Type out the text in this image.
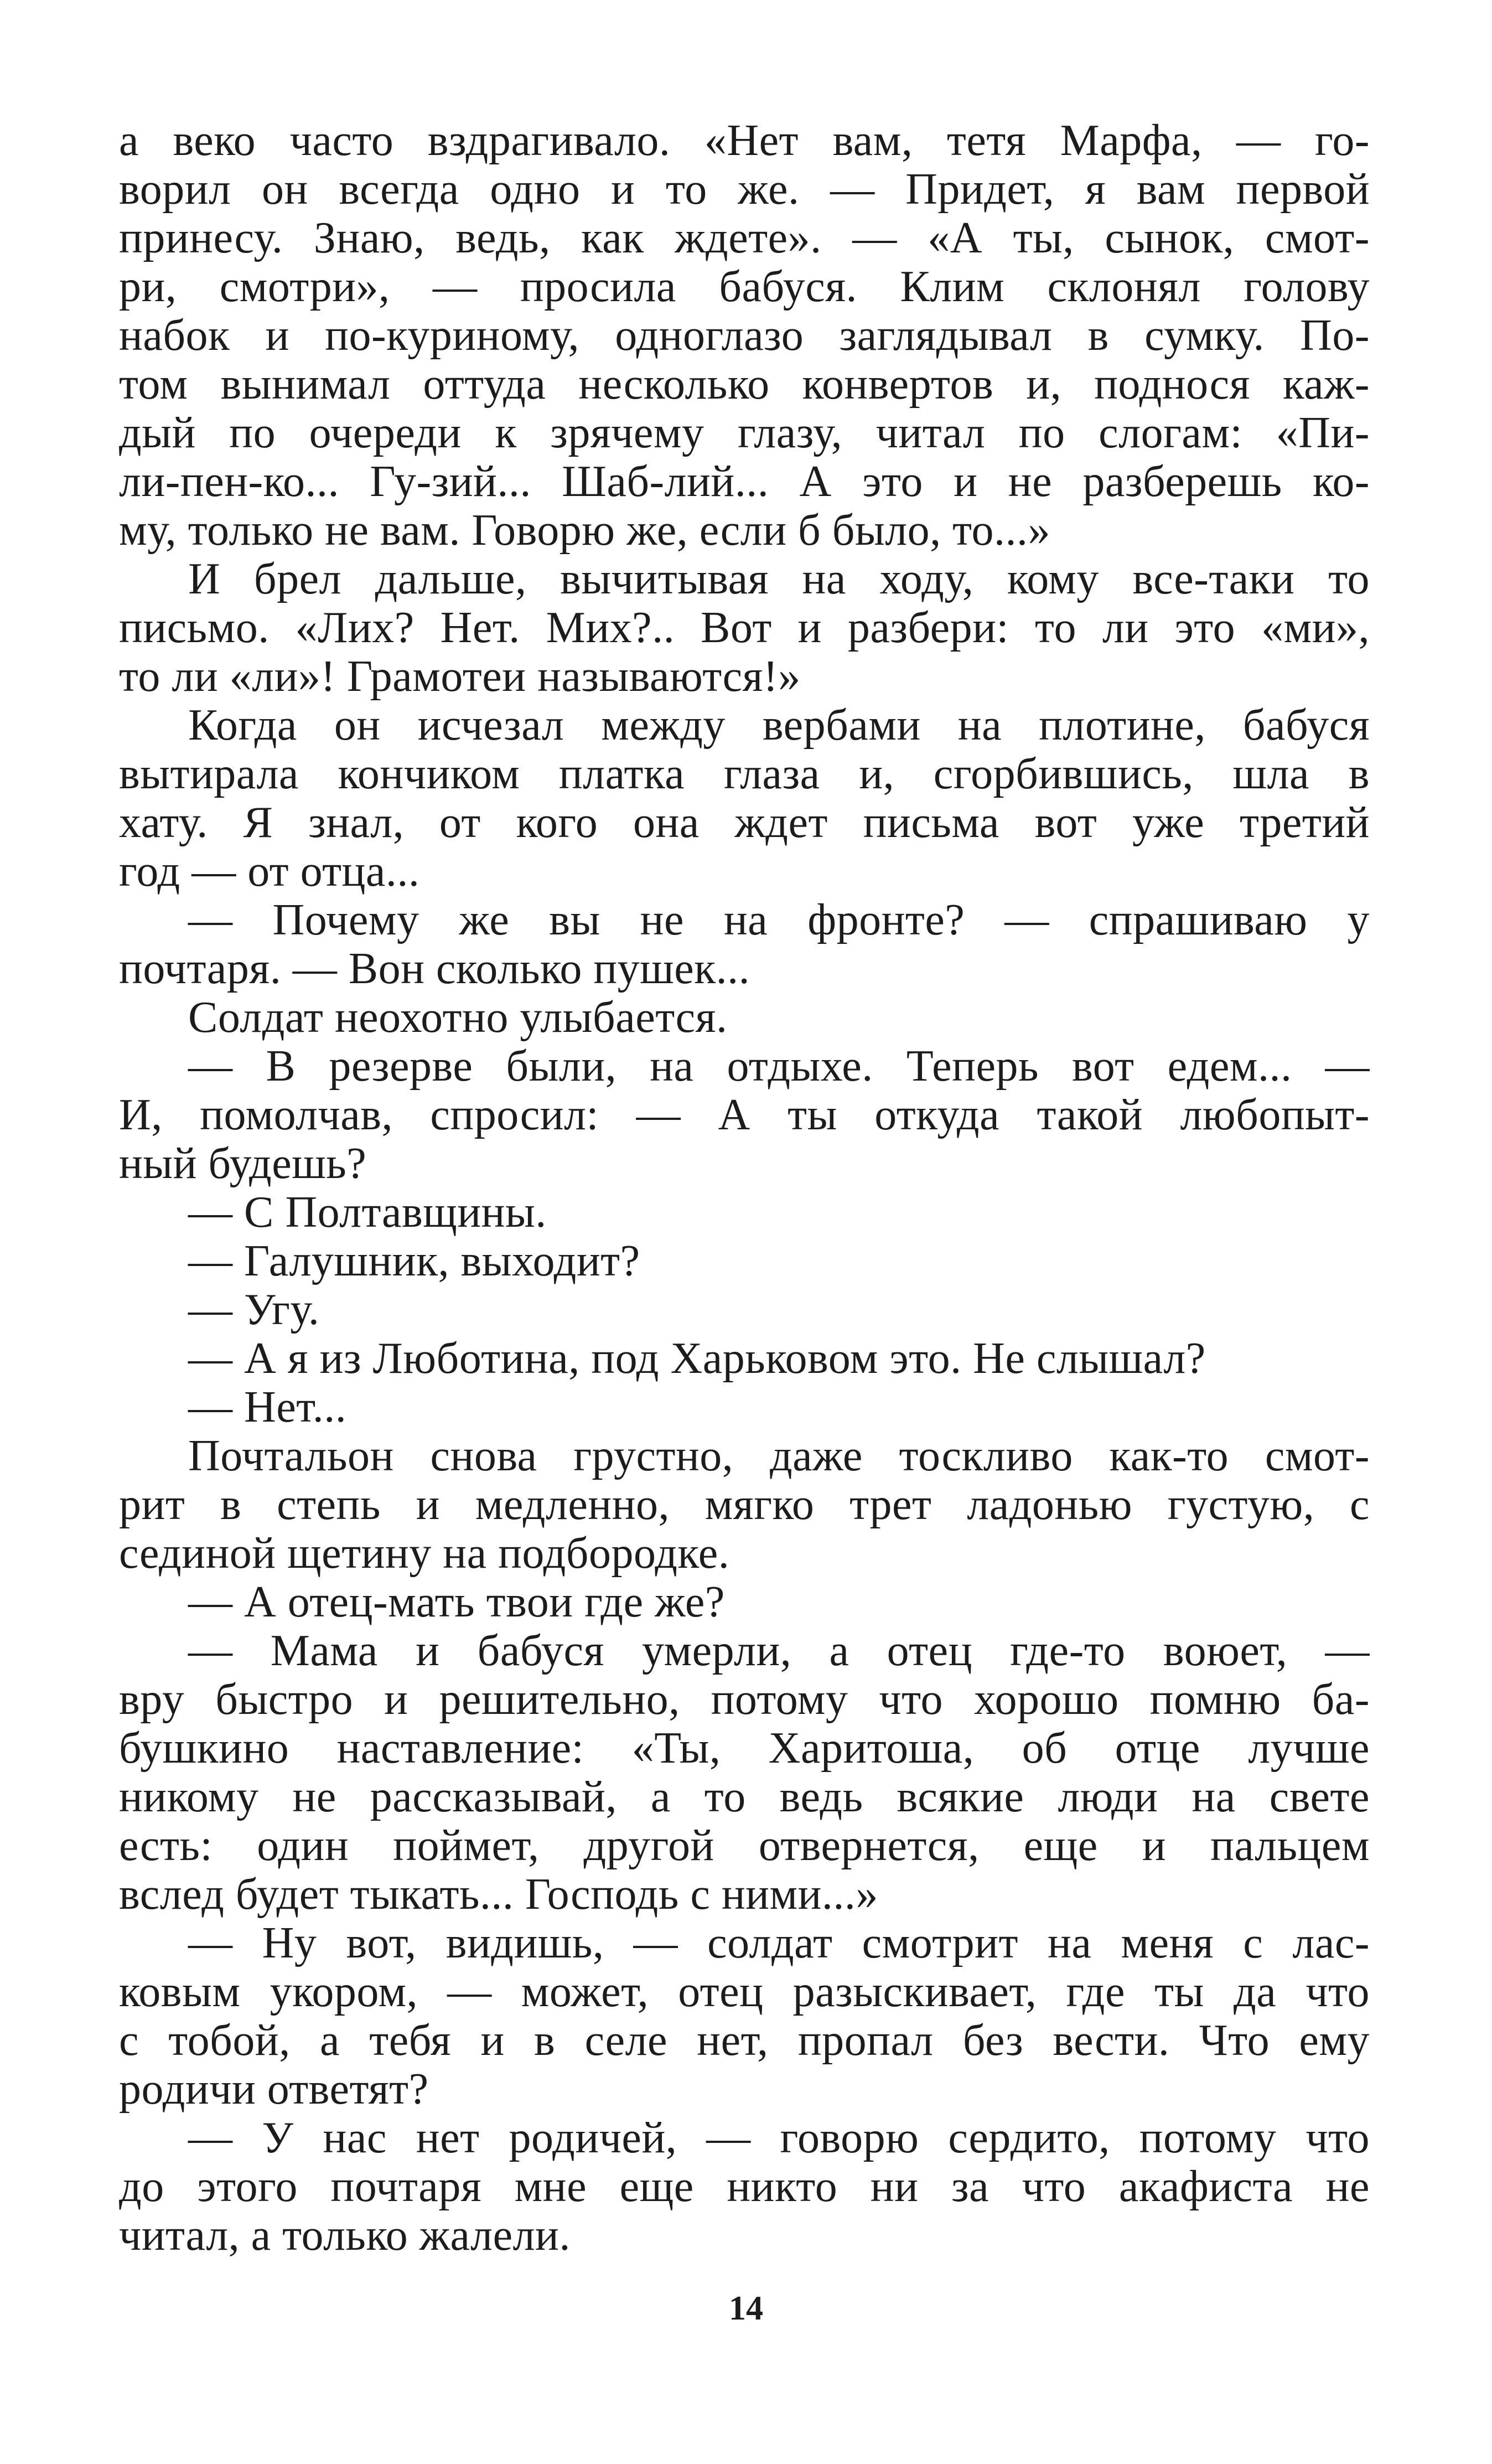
а веко часто вздрагивало. «Нет вам, тетя Марфа, — го-
ворил он всегда одно и то же. — Придет, я вам первой
принесу. Знаю, ведь, как ждете». — «А ты, сынок, смот-
ри, смотри», — просила бабуся. Клим склонял голову
набок и по-куриному, одноглазо заглядывал в сумку. По-
том вынимал оттуда несколько конвертов и, поднося каж-
дый по очереди к зрячему глазу, читал по слогам: «Пи-
ли-пен-ко... Гу-зий... Шаб-лий... А это и не разберешь ко-
му, только не вам. Говорю же, если б было, то...»
И брел дальше, вычитывая на ходу, кому все-таки то
письмо. «Лих? Нет. Мих?.. Вот и разбери: то ли это «ми»,
то ли «ли»! Грамотеи называются!»
Когда он исчезал между вербами на плотине, бабуся
вытирала кончиком платка глаза и, сгорбившись, шла в
хату. Я знал, от кого она ждет письма вот уже третий
год — от отца...
— Почему же вы не на фронте? — спрашиваю у
почтаря. — Вон сколько пушек...
Солдат неохотно улыбается.
— В резерве были, на отдыхе. Теперь вот едем... —
И, помолчав, спросил: — А ты откуда такой любопыт-
ный будешь?
— С Полтавщины.
— Галушник, выходит?
— Угу.
— А я из Люботина, под Харьковом это. Не слышал?
— Нет...
Почтальон снова грустно, даже тоскливо как-то смот-
рит в степь и медленно, мягко трет ладонью густую, с
сединой щетину на подбородке.
— А отец-мать твои где же?
— Мама и бабуся умерли, а отец где-то воюет, —
вру быстро и решительно, потому что хорошо помню ба-
бушкино наставление: «Ты, Харитоша, об отце лучше
никому не рассказывай, а то ведь всякие люди на свете
есть: один поймет, другой отвернется, еще и пальцем
вслед будет тыкать... Господь с ними...»
— Ну вот, видишь, — солдат смотрит на меня с лас-
ковым укором, — может, отец разыскивает, где ты да что
с тобой, а тебя и в селе нет, пропал без вести. Что ему
родичи ответят?
— У нас нет родичей, — говорю сердито, потому что
до этого почтаря мне еще никто ни за что акафиста не
читал, а только жалели.
14
